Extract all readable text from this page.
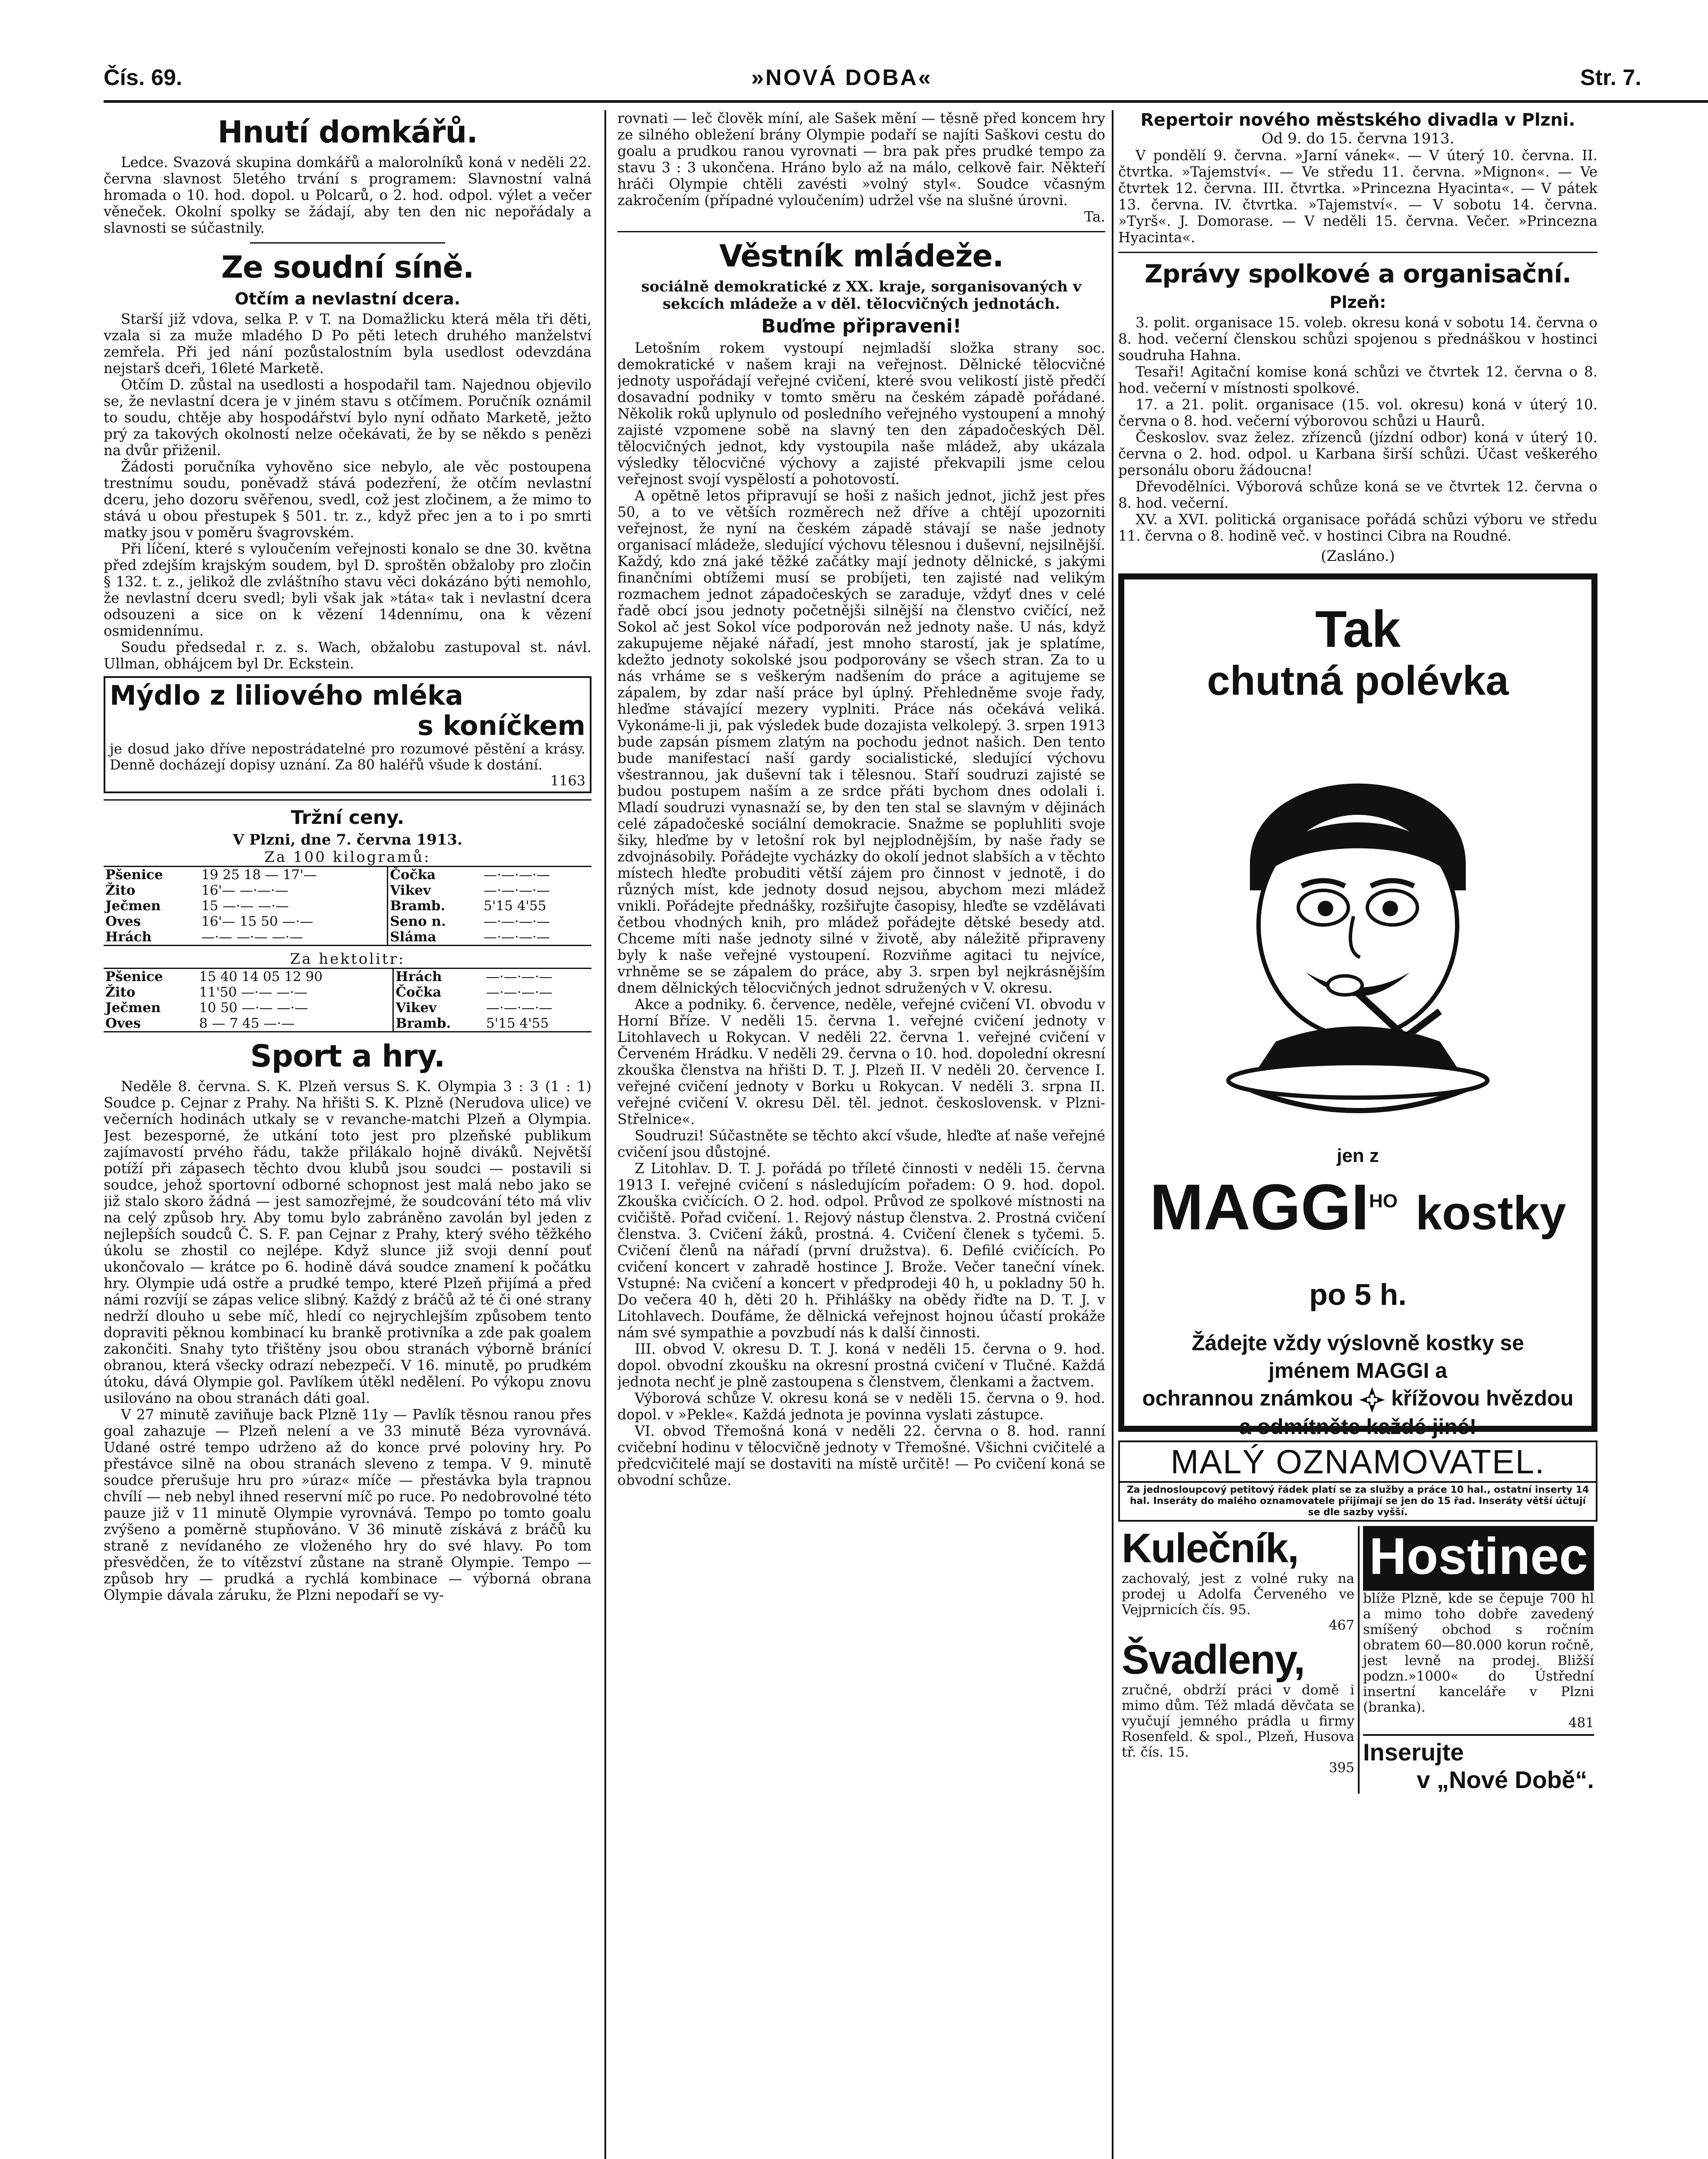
Čís. 69.	»NOVÁ DOBA«	Str. 7.
Hnutí domkářů.

Ledce. Svazová skupina domkářů a malorolníků koná v neděli 22. června slavnost 5letého trvání s programem: Slavnostní valná hromada o 10. hod. dopol. u Polcarů, o 2. hod. odpol. výlet a večer věneček. Okolní spolky se žádají, aby ten den nic nepořádaly a slavnosti se súčastnily.

Ze soudní síně.
Otčím a nevlastní dcera.

Starší již vdova, selka P. v T. na Domažlicku která měla tři děti, vzala si za muže mladého D Po pěti letech druhého manželství zemřela. Při jed nání pozůstalostním byla usedlost odevzdána nejstarš dceři, 16leté Marketě.

Otčím D. zůstal na usedlosti a hospodařil tam. Najednou objevilo se, že nevlastní dcera je v jiném stavu s otčímem. Poručník oznámil to soudu, chtěje aby hospodářství bylo nyní odňato Marketě, ježto prý za takových okolností nelze očekávati, že by se někdo s penězi na dvůr přiženil.

Žádosti poručníka vyhověno sice nebylo, ale věc postoupena trestnímu soudu, poněvadž stává podezření, že otčím nevlastní dceru, jeho dozoru svěřenou, svedl, což jest zločinem, a že mimo to stává u obou přestupek § 501. tr. z., když přec jen a to i po smrti matky jsou v poměru švagrovském.

Při líčení, které s vyloučením veřejnosti konalo se dne 30. května před zdejším krajským soudem, byl D. sproštěn obžaloby pro zločin § 132. t. z., jelikož dle zvláštního stavu věci dokázáno býti nemohlo, že nevlastní dceru svedl; byli však jak »táta« tak i nevlastní dcera odsouzeni a sice on k vězení 14dennímu, ona k vězení osmidennímu.

Soudu předsedal r. z. s. Wach, obžalobu zastupoval st. návl. Ullman, obhájcem byl Dr. Eckstein.

Mýdlo z liliového mléka
s koníčkem

je dosud jako dříve nepostrádatelné pro rozumové pěstění a krásy. Denně docházejí dopisy uznání. Za 80 haléřů všude k dostání.

1163

Tržní ceny.
V Plzni, dne 7. června 1913.
Za 100 kilogramů:
Pšenice	19 25 18 — 17'—	Čočka	—·—·—·—
Žito	16'— —·—·—	Vikev	—·—·—·—
Ječmen	15 —·— —·—	Bramb.	5'15 4'55
Oves	16'— 15 50 —·—	Seno n.	—·—·—·—
Hrách	—·— —·— —·—	Sláma	—·—·—·—
Za hektolitr:
Pšenice	15 40 14 05 12 90	Hrách	—·—·—·—
Žito	11'50 —·— —·—	Čočka	—·—·—·—
Ječmen	10 50 —·— —·—	Vikev	—·—·—·—
Oves	8 — 7 45 —·—	Bramb.	5'15 4'55
Sport a hry.

Neděle 8. června. S. K. Plzeň versus S. K. Olympia 3 : 3 (1 : 1) Soudce p. Cejnar z Prahy. Na hřišti S. K. Plzně (Nerudova ulice) ve večerních hodinách utkaly se v revanche-matchi Plzeň a Olympia. Jest bezesporné, že utkání toto jest pro plzeňské publikum zajímavostí prvého řádu, takže přilákalo hojně diváků. Největší potíží při zápasech těchto dvou klubů jsou soudci — postavili si soudce, jehož sportovní odborné schopnost jest malá nebo jako se již stalo skoro žádná — jest samozřejmé, že soudcování této má vliv na celý způsob hry. Aby tomu bylo zabráněno zavolán byl jeden z nejlepších soudců Č. S. F. pan Cejnar z Prahy, který svého těžkého úkolu se zhostil co nejlépe. Když slunce již svoji denní pouť ukončovalo — krátce po 6. hodině dává soudce znamení k počátku hry. Olympie udá ostře a prudké tempo, které Plzeň přijímá a před námi rozvíjí se zápas velice slibný. Každý z bráčů až té či oné strany nedrží dlouho u sebe míč, hledí co nejrychlejším způsobem tento dopraviti pěknou kombinací ku brankě protivníka a zde pak goalem zakončiti. Snahy tyto třištěny jsou obou stranách výborně bránící obranou, která všecky odrazí nebezpečí. V 16. minutě, po prudkém útoku, dává Olympie gol. Pavlíkem útěkl nedělení. Po výkopu znovu usilováno na obou stranách dáti goal.

V 27 minutě zaviňuje back Plzně 11y — Pavlík těsnou ranou přes goal zahazuje — Plzeň nelení a ve 33 minutě Béza vyrovnává. Udané ostré tempo udrženo až do konce prvé poloviny hry. Po přestávce silně na obou stranách sleveno z tempa. V 9. minutě soudce přerušuje hru pro »úraz« míče — přestávka byla trapnou chvílí — neb nebyl ihned reservní míč po ruce. Po nedobrovolné této pauze již v 11 minutě Olympie vyrovnává. Tempo po tomto goalu zvýšeno a poměrně stupňováno. V 36 minutě získává z bráčů ku straně z nevídaného ze vloženého hry do své hlavy. Po tom přesvědčen, že to vítězství zůstane na straně Olympie. Tempo — způsob hry — prudká a rychlá kombinace — výborná obrana Olympie dávala záruku, že Plzni nepodaří se vy-

rovnati — leč člověk míní, ale Sašek mění — těsně před koncem hry ze silného obležení brány Olympie podaří se najíti Saškovi cestu do goalu a prudkou ranou vyrovnati — bra pak přes prudké tempo za stavu 3 : 3 ukončena. Hráno bylo až na málo, celkově fair. Někteří hráči Olympie chtěli zavésti »volný styl«. Soudce včasným zakročením (případné vyloučením) udržel vše na slušné úrovni.

Ta.

Věstník mládeže.
sociálně demokratické z XX. kraje, sorganisovaných v sekcích mládeže a v děl. tělocvičných jednotách.
Buďme připraveni!

Letošním rokem vystoupí nejmladší složka strany soc. demokratické v našem kraji na veřejnost. Dělnické tělocvičné jednoty uspořádají veřejné cvičení, které svou velikostí jistě předčí dosavadní podniky v tomto směru na českém západě pořádané. Několik roků uplynulo od posledního veřejného vystoupení a mnohý zajisté vzpomene sobě na slavný ten den západočeských Děl. tělocvičných jednot, kdy vystoupila naše mládež, aby ukázala výsledky tělocvičné výchovy a zajisté překvapili jsme celou veřejnost svojí vyspělostí a pohotovostí.

A opětně letos připravují se hoši z našich jednot, jichž jest přes 50, a to ve větších rozměrech než dříve a chtějí upozorniti veřejnost, že nyní na českém západě stávají se naše jednoty organisací mládeže, sledující výchovu tělesnou i duševní, nejsilnější. Každý, kdo zná jaké těžké začátky mají jednoty dělnické, s jakými finančními obtížemi musí se probíjeti, ten zajisté nad velikým rozmachem jednot západočeských se zaraduje, vždyť dnes v celé řadě obcí jsou jednoty početnějši silnější na členstvo cvičící, než Sokol ač jest Sokol více podporován než jednoty naše. U nás, když zakupujeme nějaké nářadí, jest mnoho starostí, jak je splatíme, kdežto jednoty sokolské jsou podporovány se všech stran. Za to u nás vrháme se s veškerým nadšením do práce a agitujeme se zápalem, by zdar naší práce byl úplný. Přehledněme svoje řady, hleďme stávající mezery vyplniti. Práce nás očekává veliká. Vykonáme-li ji, pak výsledek bude dozajista velkolepý. 3. srpen 1913 bude zapsán písmem zlatým na pochodu jednot našich. Den tento bude manifestací naší gardy socialistické, sledující výchovu všestrannou, jak duševní tak i tělesnou. Staří soudruzi zajisté se budou postupem naším a ze srdce přáti bychom dnes odolali i. Mladí soudruzi vynasnaží se, by den ten stal se slavným v dějinách celé západočeské sociální demokracie. Snažme se popluhliti svoje šiky, hleďme by v letošní rok byl nejplodnějším, by naše řady se zdvojnásobily. Pořádejte vycházky do okolí jednot slabších a v těchto místech hleďte probuditi větší zájem pro činnost v jednotě, i do různých míst, kde jednoty dosud nejsou, abychom mezi mládež vnikli. Pořádejte přednášky, rozšiřujte časopisy, hleďte se vzdělávati četbou vhodných knih, pro mládež pořádejte dětské besedy atd. Chceme míti naše jednoty silné v životě, aby náležitě připraveny byly k naše veřejné vystoupení. Rozviňme agitaci tu nejvíce, vrhněme se se zápalem do práce, aby 3. srpen byl nejkrásnějším dnem dělnických tělocvičných jednot sdružených v V. okresu.

Akce a podniky. 6. července, neděle, veřejné cvičení VI. obvodu v Horní Bříze. V neděli 15. června 1. veřejné cvičení jednoty v Litohlavech u Rokycan. V neděli 22. června 1. veřejné cvičení v Červeném Hrádku. V neděli 29. června o 10. hod. dopolední okresní zkouška členstva na hřišti D. T. J. Plzeň II. V neděli 20. července I. veřejné cvičení jednoty v Borku u Rokycan. V neděli 3. srpna II. veřejné cvičení V. okresu Děl. těl. jednot. československ. v Plzni-Střelnice«.

Soudruzi! Súčastněte se těchto akcí všude, hleďte ať naše veřejné cvičení jsou důstojné.

Z Litohlav. D. T. J. pořádá po tříleté činnosti v neděli 15. června 1913 I. veřejné cvičení s následujícím pořadem: O 9. hod. dopol. Zkouška cvičících. O 2. hod. odpol. Průvod ze spolkové místnosti na cvičiště. Pořad cvičení. 1. Rejový nástup členstva. 2. Prostná cvičení členstva. 3. Cvičení žáků, prostná. 4. Cvičení členek s tyčemi. 5. Cvičení členů na nářadí (první družstva). 6. Defilé cvičících. Po cvičení koncert v zahradě hostince J. Brože. Večer taneční vínek. Vstupné: Na cvičení a koncert v předprodeji 40 h, u pokladny 50 h. Do večera 40 h, děti 20 h. Přihlášky na obědy řiďte na D. T. J. v Litohlavech. Doufáme, že dělnická veřejnost hojnou účastí prokáže nám své sympathie a povzbudí nás k další činnosti.

III. obvod V. okresu D. T. J. koná v neděli 15. června o 9. hod. dopol. obvodní zkoušku na okresní prostná cvičení v Tlučné. Každá jednota nechť je plně zastoupena s členstvem, členkami a žactvem.

Výborová schůze V. okresu koná se v neděli 15. června o 9. hod. dopol. v »Pekle«. Každá jednota je povinna vyslati zástupce.

VI. obvod Třemošná koná v neděli 22. června o 8. hod. ranní cvičební hodinu v tělocvičně jednoty v Třemošné. Všichni cvičitelé a předcvičitelé mají se dostaviti na místě určitě! — Po cvičení koná se obvodní schůze.

Repertoir nového městského divadla v Plzni.
Od 9. do 15. června 1913.

V pondělí 9. června. »Jarní vánek«. — V úterý 10. června. II. čtvrtka. »Tajemství«. — Ve středu 11. června. »Mignon«. — Ve čtvrtek 12. června. III. čtvrtka. »Princezna Hyacinta«. — V pátek 13. června. IV. čtvrtka. »Tajemství«. — V sobotu 14. června. »Tyrš«. J. Domorase. — V neděli 15. června. Večer. »Princezna Hyacinta«.

Zprávy spolkové a organisační.
Plzeň:

3. polit. organisace 15. voleb. okresu koná v sobotu 14. června o 8. hod. večerní členskou schůzi spojenou s přednáškou v hostinci soudruha Hahna.

Tesaři! Agitační komise koná schůzi ve čtvrtek 12. června o 8. hod. večerní v místnosti spolkové.

17. a 21. polit. organisace (15. vol. okresu) koná v úterý 10. června o 8. hod. večerní výborovou schůzi u Haurů.

Českoslov. svaz želez. zřízenců (jízdní odbor) koná v úterý 10. června o 2. hod. odpol. u Karbana širší schůzi. Účast veškerého personálu oboru žádoucna!

Dřevodělníci. Výborová schůze koná se ve čtvrtek 12. června o 8. hod. večerní.

XV. a XVI. politická organisace pořádá schůzi výboru ve středu 11. června o 8. hodině več. v hostinci Cibra na Roudné.

(Zasláno.)
Tak
chutná polévka
jen z
$MAGGI^{HO}$ kostky po 5 h.
Žádejte vždy výslovně kostky se
jménem MAGGI a
ochrannou známkou křížovou hvězdou
a odmítněte každé jiné!
MALÝ OZNAMOVATEL.
Za jednosloupcový petitový řádek platí se za služby a práce 10 hal., ostatní inserty 14 hal. Inseráty do malého oznamovatele přijímají se jen do 15 řad. Inseráty větší účtují se dle sazby vyšší.
Kulečník,
zachovalý, jest z volné ruky na prodej u Adolfa Červeného ve Vejprnicích čís. 95.
467
Švadleny,
zručné, obdrží práci v domě i mimo dům. Též mladá děvčata se vyučují jemného prádla u firmy Rosenfeld. & spol., Plzeň, Husova tř. čís. 15.
395
Hostinec
blíže Plzně, kde se čepuje 700 hl a mimo toho dobře zavedený smíšený obchod s ročním obratem 60—80.000 korun ročně, jest levně na prodej. Bližší podzn.»1000« do Ústřední insertní kanceláře v Plzni (branka).
481
Inserujte
v „Nové Době“.
